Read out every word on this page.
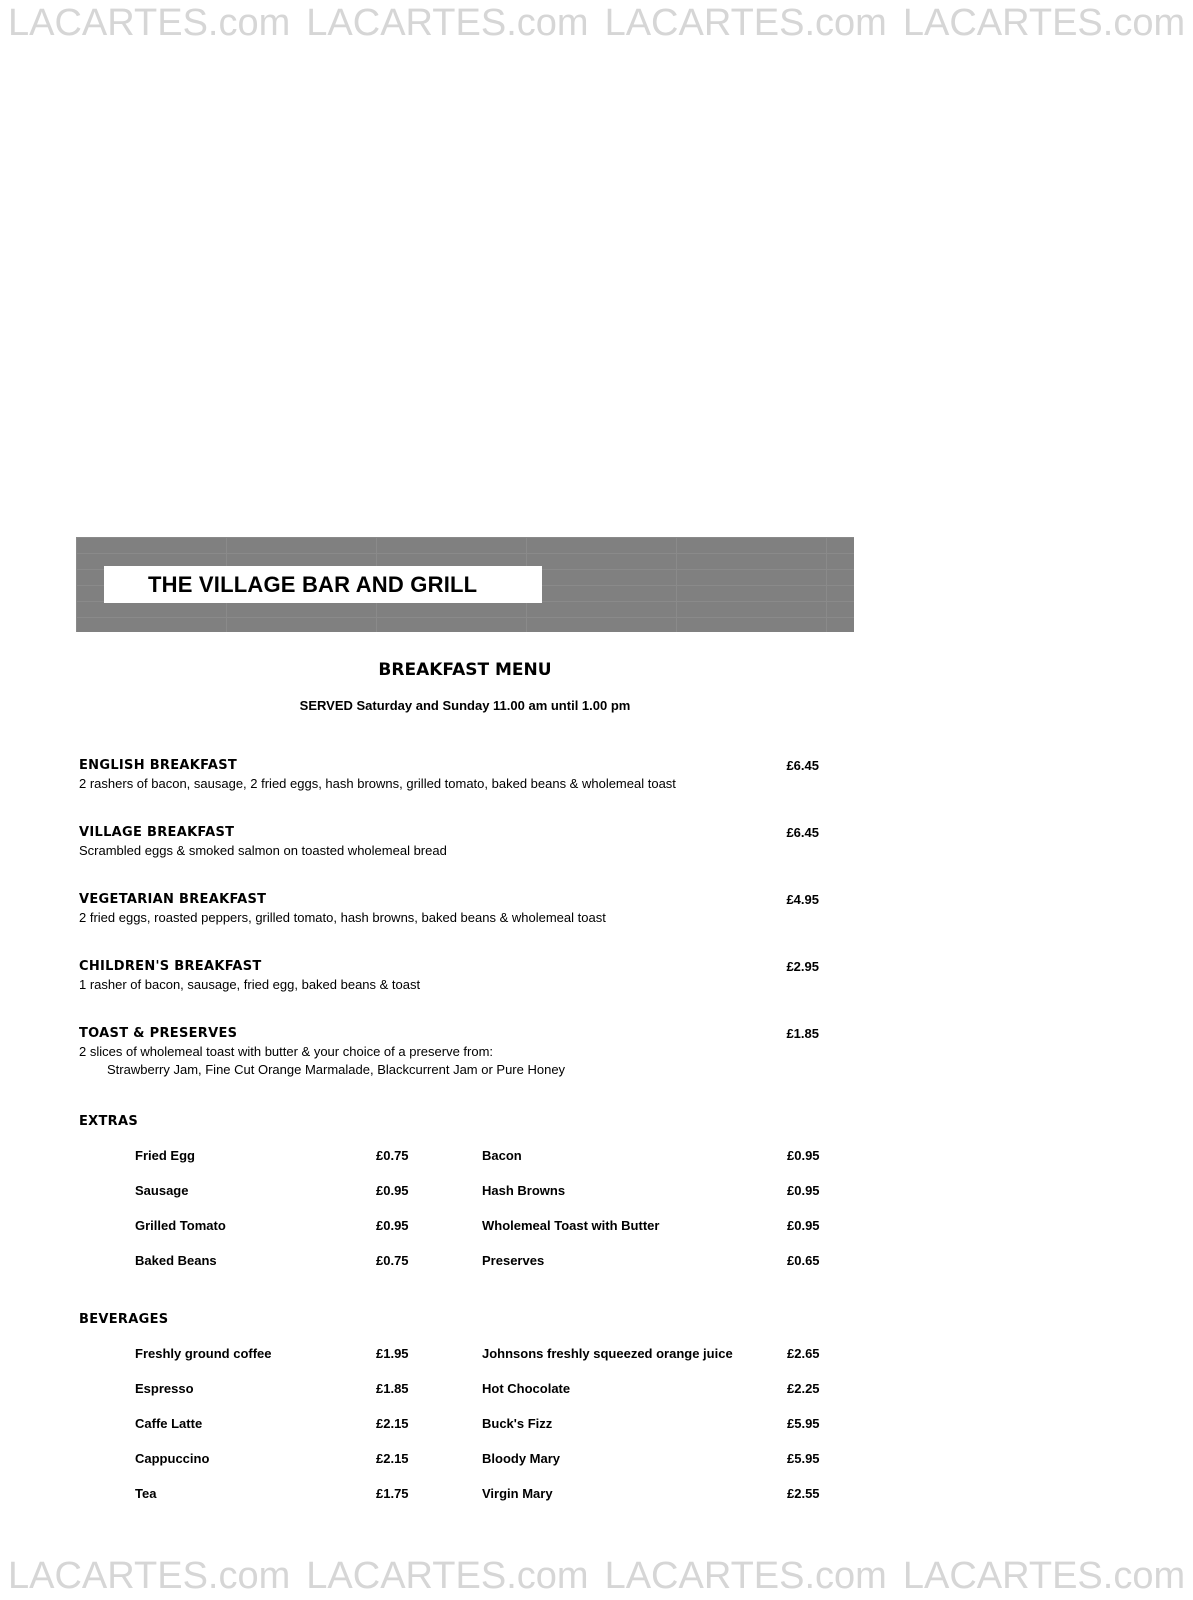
LACARTES.com LACARTES.com LACARTES.com LACARTES.com
THE VILLAGE BAR AND GRILL
BREAKFAST MENU
SERVED Saturday and Sunday 11.00 am until 1.00 pm
ENGLISH BREAKFAST	£6.45
2 rashers of bacon, sausage, 2 fried eggs, hash browns, grilled tomato, baked beans & wholemeal toast
VILLAGE BREAKFAST	£6.45
Scrambled eggs & smoked salmon on toasted wholemeal bread
VEGETARIAN BREAKFAST	£4.95
2 fried eggs, roasted peppers, grilled tomato, hash browns, baked beans & wholemeal toast
CHILDREN'S BREAKFAST	£2.95
1 rasher of bacon, sausage, fried egg, baked beans & toast
TOAST & PRESERVES	£1.85
2 slices of wholemeal toast with butter & your choice of a preserve from:
Strawberry Jam, Fine Cut Orange Marmalade, Blackcurrent Jam or Pure Honey
EXTRAS
Fried Egg	£0.75	Bacon	£0.95
Sausage	£0.95	Hash Browns	£0.95
Grilled Tomato	£0.95	Wholemeal Toast with Butter	£0.95
Baked Beans	£0.75	Preserves	£0.65
BEVERAGES
Freshly ground coffee	£1.95	Johnsons freshly squeezed orange juice	£2.65
Espresso	£1.85	Hot Chocolate	£2.25
Caffe Latte	£2.15	Buck's Fizz	£5.95
Cappuccino	£2.15	Bloody Mary	£5.95
Tea	£1.75	Virgin Mary	£2.55
LACARTES.com LACARTES.com LACARTES.com LACARTES.com
